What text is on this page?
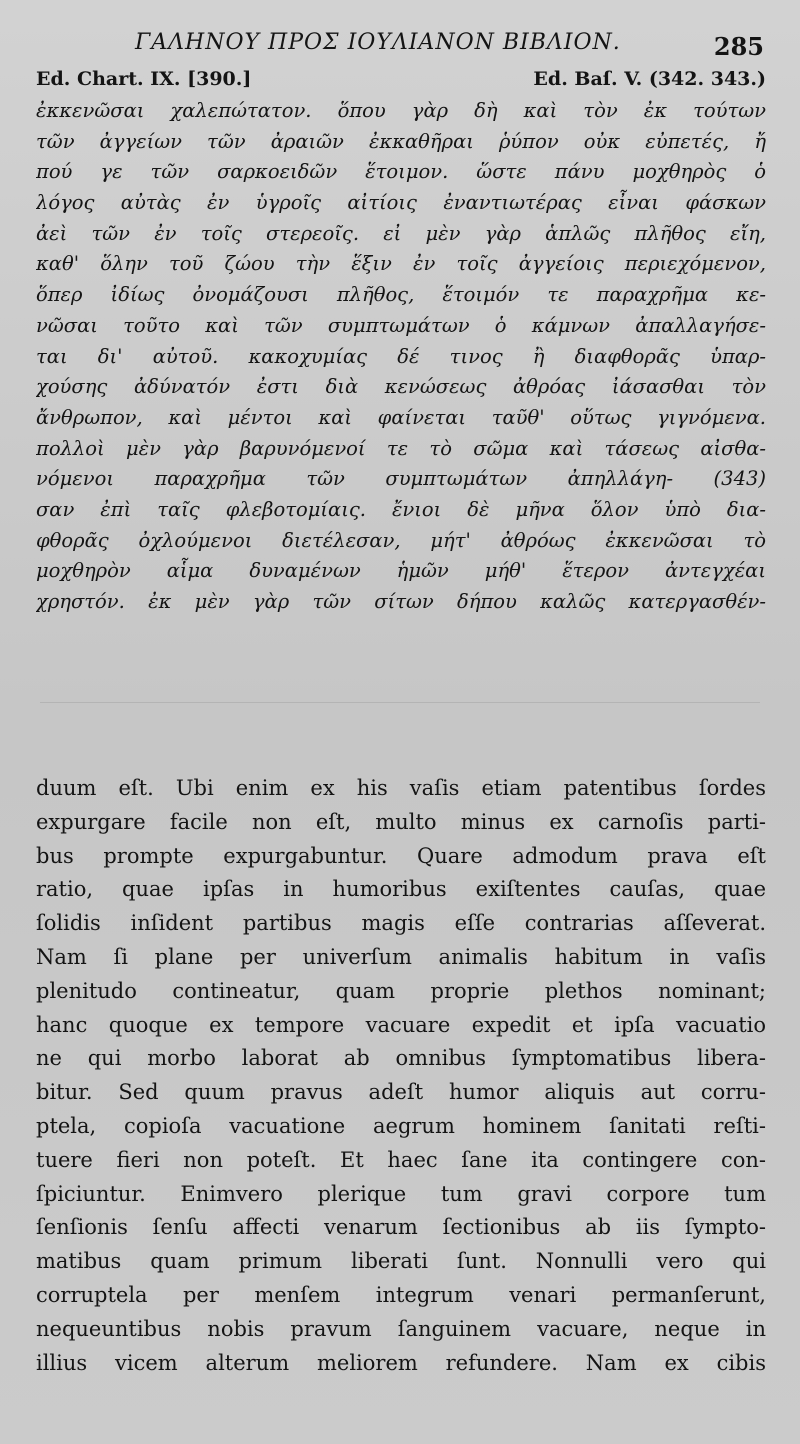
ΓΑΛΗΝΟΥ ΠΡΟΣ ΙΟΥΛΙΑΝΟΝ ΒΙΒΛΙΟΝ.	285
Ed. Chart. IX. [390.]	Ed. Baſ. V. (342. 343.)
ἐκκενῶσαι χαλεπώτατον. ὅπου γὰρ δὴ καὶ τὸν ἐκ τούτων
τῶν ἀγγείων τῶν ἀραιῶν ἐκκαθῆραι ῥύπον οὐκ εὐπετές, ἤ
πού γε τῶν σαρκοειδῶν ἕτοιμον. ὥστε πάνυ μοχθηρὸς ὁ
λόγος αὐτὰς ἐν ὑγροῖς αἰτίοις ἐναντιωτέρας εἶναι φάσκων
ἀεὶ τῶν ἐν τοῖς στερεοῖς. εἰ μὲν γὰρ ἁπλῶς πλῆθος εἴη,
καθ' ὅλην τοῦ ζώου τὴν ἕξιν ἐν τοῖς ἀγγείοις περιεχόμενον,
ὅπερ ἰδίως ὀνομάζουσι πλῆθος, ἕτοιμόν τε παραχρῆμα κε-
νῶσαι τοῦτο καὶ τῶν συμπτωμάτων ὁ κάμνων ἀπαλλαγήσε-
ται δι' αὐτοῦ. κακοχυμίας δέ τινος ἢ διαφθορᾶς ὑπαρ-
χούσης ἀδύνατόν ἐστι διὰ κενώσεως ἀθρόας ἰάσασθαι τὸν
ἄνθρωπον, καὶ μέντοι καὶ φαίνεται ταῦθ' οὕτως γιγνόμενα.
πολλοὶ μὲν γὰρ βαρυνόμενοί τε τὸ σῶμα καὶ τάσεως αἰσθα-
νόμενοι παραχρῆμα τῶν συμπτωμάτων ἀπηλλάγη- (343)
σαν ἐπὶ ταῖς φλεβοτομίαις. ἔνιοι δὲ μῆνα ὅλον ὑπὸ δια-
φθορᾶς ὀχλούμενοι διετέλεσαν, μήτ' ἀθρόως ἐκκενῶσαι τὸ
μοχθηρὸν αἷμα δυναμένων ἡμῶν μήθ' ἕτερον ἀντεγχέαι
χρηστόν. ἐκ μὲν γὰρ τῶν σίτων δήπου καλῶς κατεργασθέν-
duum eſt. Ubi enim ex his vaſis etiam patentibus ſordes
expurgare facile non eſt, multo minus ex carnoſis parti-
bus prompte expurgabuntur. Quare admodum prava eſt
ratio, quae ipſas in humoribus exiſtentes cauſas, quae
ſolidis inſident partibus magis eſſe contrarias aſſeverat.
Nam ſi plane per univerſum animalis habitum in vaſis
plenitudo contineatur, quam proprie plethos nominant;
hanc quoque ex tempore vacuare expedit et ipſa vacuatio
ne qui morbo laborat ab omnibus ſymptomatibus libera-
bitur. Sed quum pravus adeſt humor aliquis aut corru-
ptela, copioſa vacuatione aegrum hominem ſanitati reſti-
tuere fieri non poteſt. Et haec ſane ita contingere con-
ſpiciuntur. Enimvero plerique tum gravi corpore tum
ſenſionis ſenſu affecti venarum ſectionibus ab iis ſympto-
matibus quam primum liberati ſunt. Nonnulli vero qui
corruptela per menſem integrum venari permanſerunt,
nequeuntibus nobis pravum ſanguinem vacuare, neque in
illius vicem alterum meliorem refundere. Nam ex cibis
